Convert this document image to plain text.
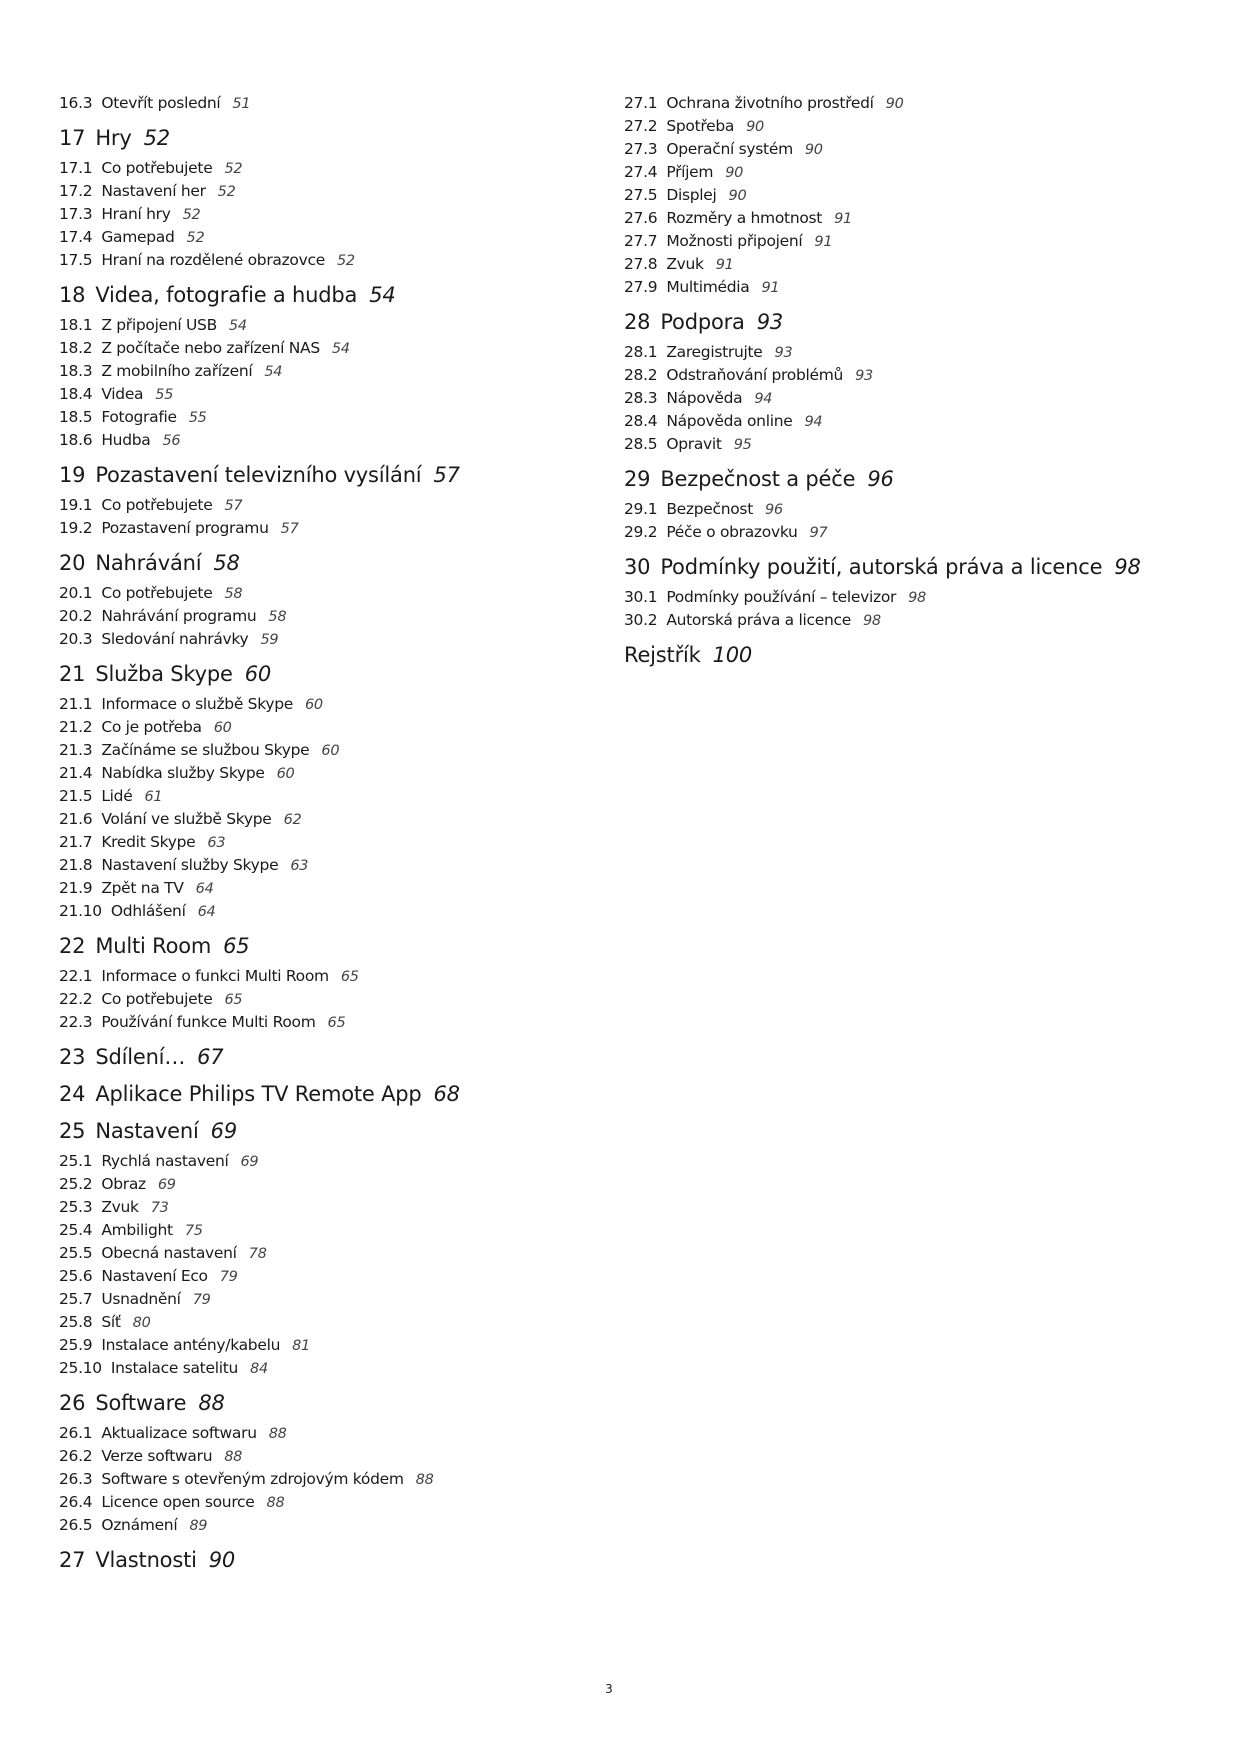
16.3 Otevřít poslední 51
17 Hry 52
17.1 Co potřebujete 52
17.2 Nastavení her 52
17.3 Hraní hry 52
17.4 Gamepad 52
17.5 Hraní na rozdělené obrazovce 52
18 Videa, fotografie a hudba 54
18.1 Z připojení USB 54
18.2 Z počítače nebo zařízení NAS 54
18.3 Z mobilního zařízení 54
18.4 Videa 55
18.5 Fotografie 55
18.6 Hudba 56
19 Pozastavení televizního vysílání 57
19.1 Co potřebujete 57
19.2 Pozastavení programu 57
20 Nahrávání 58
20.1 Co potřebujete 58
20.2 Nahrávání programu 58
20.3 Sledování nahrávky 59
21 Služba Skype 60
21.1 Informace o službě Skype 60
21.2 Co je potřeba 60
21.3 Začínáme se službou Skype 60
21.4 Nabídka služby Skype 60
21.5 Lidé 61
21.6 Volání ve službě Skype 62
21.7 Kredit Skype 63
21.8 Nastavení služby Skype 63
21.9 Zpět na TV 64
21.10 Odhlášení 64
22 Multi Room 65
22.1 Informace o funkci Multi Room 65
22.2 Co potřebujete 65
22.3 Používání funkce Multi Room 65
23 Sdílení… 67
24 Aplikace Philips TV Remote App 68
25 Nastavení 69
25.1 Rychlá nastavení 69
25.2 Obraz 69
25.3 Zvuk 73
25.4 Ambilight 75
25.5 Obecná nastavení 78
25.6 Nastavení Eco 79
25.7 Usnadnění 79
25.8 Síť 80
25.9 Instalace antény/kabelu 81
25.10 Instalace satelitu 84
26 Software 88
26.1 Aktualizace softwaru 88
26.2 Verze softwaru 88
26.3 Software s otevřeným zdrojovým kódem 88
26.4 Licence open source 88
26.5 Oznámení 89
27 Vlastnosti 90
27.1 Ochrana životního prostředí 90
27.2 Spotřeba 90
27.3 Operační systém 90
27.4 Příjem 90
27.5 Displej 90
27.6 Rozměry a hmotnost 91
27.7 Možnosti připojení 91
27.8 Zvuk 91
27.9 Multimédia 91
28 Podpora 93
28.1 Zaregistrujte 93
28.2 Odstraňování problémů 93
28.3 Nápověda 94
28.4 Nápověda online 94
28.5 Opravit 95
29 Bezpečnost a péče 96
29.1 Bezpečnost 96
29.2 Péče o obrazovku 97
30 Podmínky použití, autorská práva a licence 98
30.1 Podmínky používání – televizor 98
30.2 Autorská práva a licence 98
Rejstřík 100
3
